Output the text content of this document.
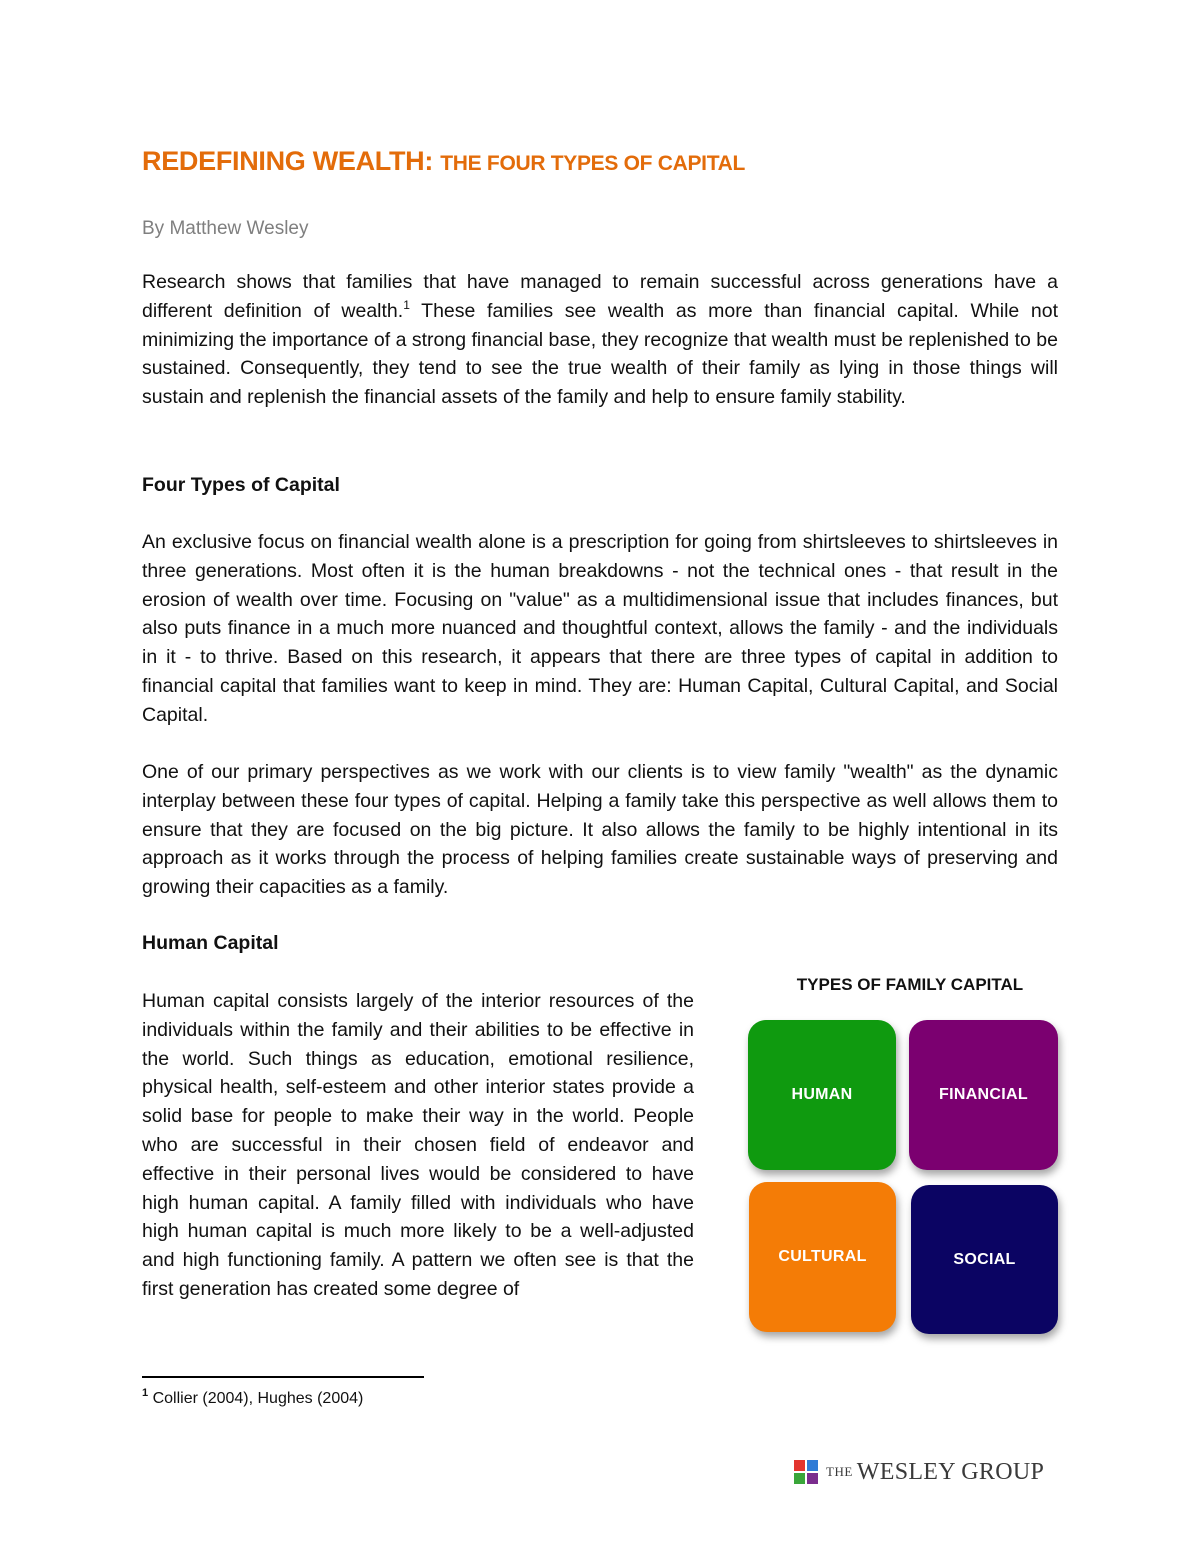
REDEFINING WEALTH: THE FOUR TYPES OF CAPITAL
By Matthew Wesley

Research shows that families that have managed to remain successful across generations have a different definition of wealth.$^1$ These families see wealth as more than financial capital. While not minimizing the importance of a strong financial base, they recognize that wealth must be replenished to be sustained. Consequently, they tend to see the true wealth of their family as lying in those things will sustain and replenish the financial assets of the family and help to ensure family stability.

Four Types of Capital

An exclusive focus on financial wealth alone is a prescription for going from shirtsleeves to shirtsleeves in three generations. Most often it is the human breakdowns - not the technical ones - that result in the erosion of wealth over time. Focusing on "value" as a multidimensional issue that includes finances, but also puts finance in a much more nuanced and thoughtful context, allows the family - and the individuals in it - to thrive. Based on this research, it appears that there are three types of capital in addition to financial capital that families want to keep in mind. They are: Human Capital, Cultural Capital, and Social Capital.

One of our primary perspectives as we work with our clients is to view family "wealth" as the dynamic interplay between these four types of capital. Helping a family take this perspective as well allows them to ensure that they are focused on the big picture. It also allows the family to be highly intentional in its approach as it works through the process of helping families create sustainable ways of preserving and growing their capacities as a family.

Human Capital

Human capital consists largely of the interior resources of the individuals within the family and their abilities to be effective in the world. Such things as education, emotional resilience, physical health, self-esteem and other interior states provide a solid base for people to make their way in the world. People who are successful in their chosen field of endeavor and effective in their personal lives would be considered to have high human capital. A family filled with individuals who have high human capital is much more likely to be a well-adjusted and high functioning family. A pattern we often see is that the first generation has created some degree of

TYPES OF FAMILY CAPITAL
HUMAN	FINANCIAL
CULTURAL	SOCIAL
$^1$ Collier (2004), Hughes (2004)
THE WESLEY GROUP
